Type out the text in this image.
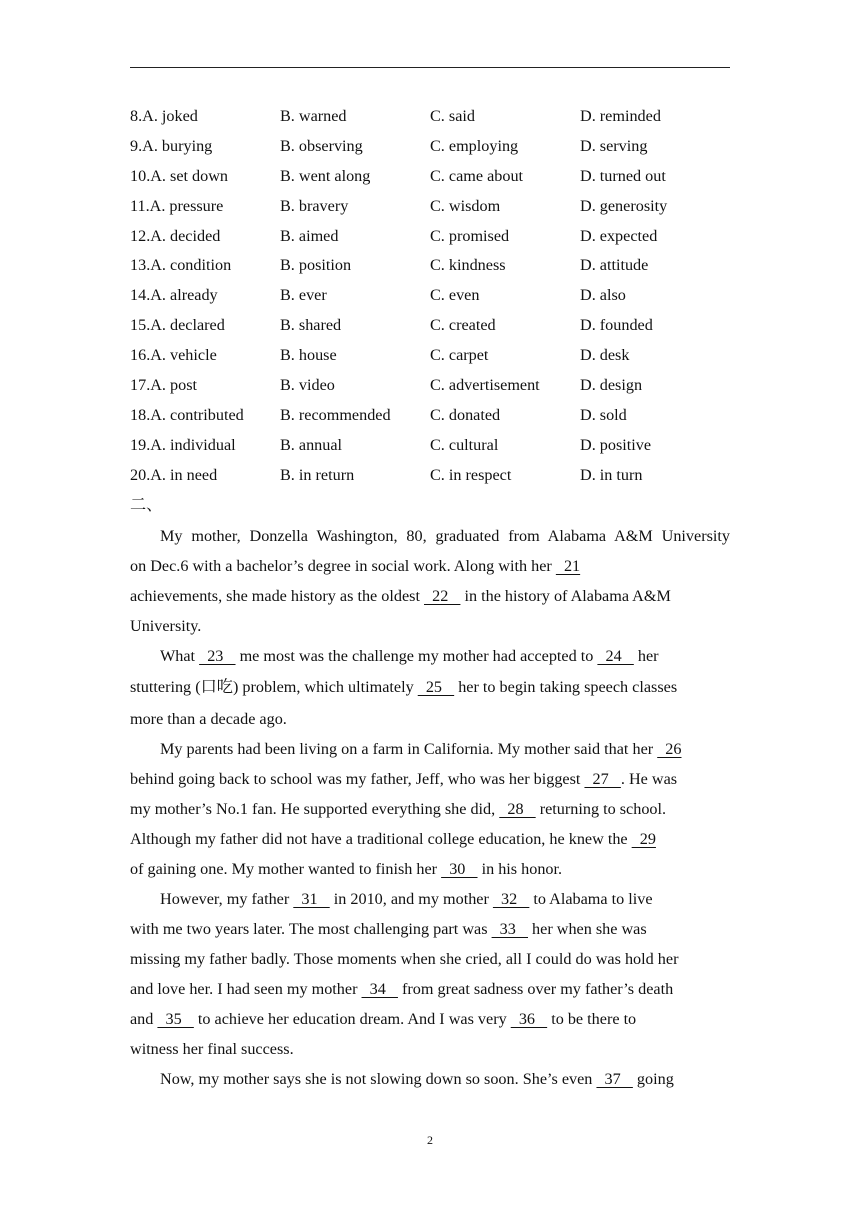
8.A. joked	B. warned	C. said	D. reminded
9.A. burying	B. observing	C. employing	D. serving
10.A. set down	B. went along	C. came about	D. turned out
11.A. pressure	B. bravery	C. wisdom	D. generosity
12.A. decided	B. aimed	C. promised	D. expected
13.A. condition	B. position	C. kindness	D. attitude
14.A. already	B. ever	C. even	D. also
15.A. declared	B. shared	C. created	D. founded
16.A. vehicle	B. house	C. carpet	D. desk
17.A. post	B. video	C. advertisement	D. design
18.A. contributed	B. recommended	C. donated	D. sold
19.A. individual	B. annual	C. cultural	D. positive
20.A. in need	B. in return	C. in respect	D. in turn
二、
My mother, Donzella Washington, 80, graduated from Alabama A&M University
on Dec.6 with a bachelor’s degree in social work. Along with her   21
achievements, she made history as the oldest   22    in the history of Alabama A&M
University.
What   23    me most was the challenge my mother had accepted to   24    her
stuttering (口吃) problem, which ultimately   25    her to begin taking speech classes
more than a decade ago.
My parents had been living on a farm in California. My mother said that her   26
behind going back to school was my father, Jeff, who was her biggest   27   . He was
my mother’s No.1 fan. He supported everything she did,   28    returning to school.
Although my father did not have a traditional college education, he knew the   29
of gaining one. My mother wanted to finish her   30    in his honor.
However, my father   31    in 2010, and my mother   32    to Alabama to live
with me two years later. The most challenging part was   33    her when she was
missing my father badly. Those moments when she cried, all I could do was hold her
and love her. I had seen my mother   34    from great sadness over my father’s death
and   35    to achieve her education dream. And I was very   36    to be there to
witness her final success.
Now, my mother says she is not slowing down so soon. She’s even   37    going
2
